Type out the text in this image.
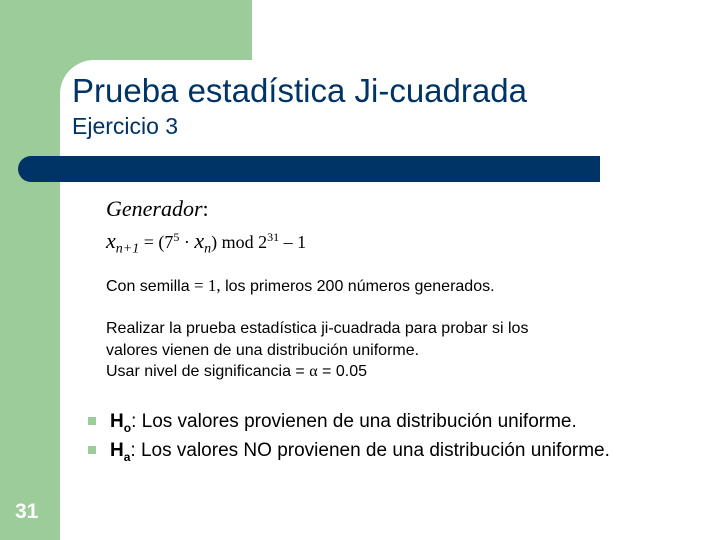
Prueba estadística Ji-cuadrada
Ejercicio 3
Generador:
$x_{n+1} = (7^5 \cdot x_n)$ mod $2^{31} - 1$
Con semilla = 1, los primeros 200 números generados.
Realizar la prueba estadística ji-cuadrada para probar si los
valores vienen de una distribución uniforme.
Usar nivel de significancia = α = 0.05
$H_o$: Los valores provienen de una distribución uniforme.
$H_a$: Los valores NO provienen de una distribución uniforme.
31
